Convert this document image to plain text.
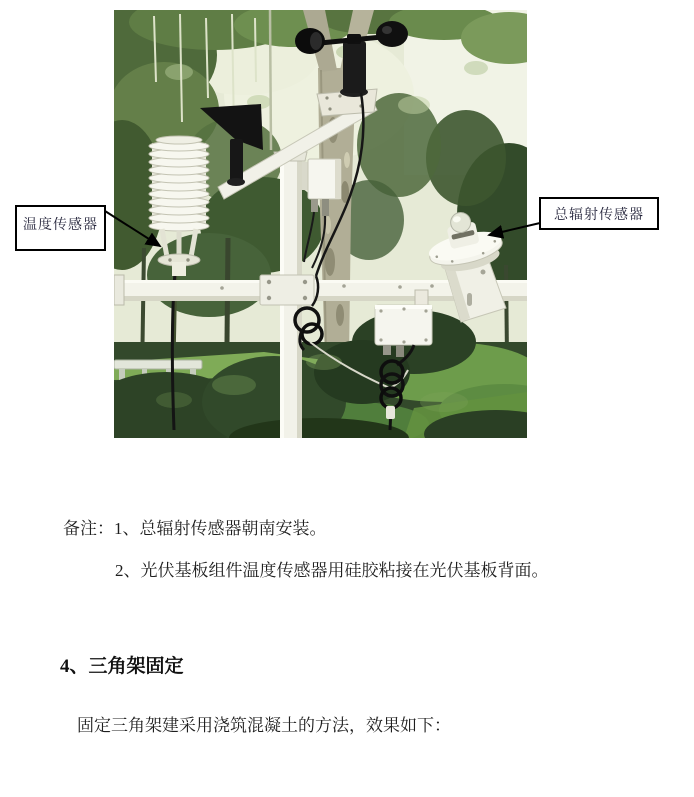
温度传感器
总辐射传感器
备注：1、总辐射传感器朝南安装。
2、光伏基板组件温度传感器用硅胶粘接在光伏基板背面。
4、三角架固定
固定三角架建采用浇筑混凝土的方法，效果如下：
